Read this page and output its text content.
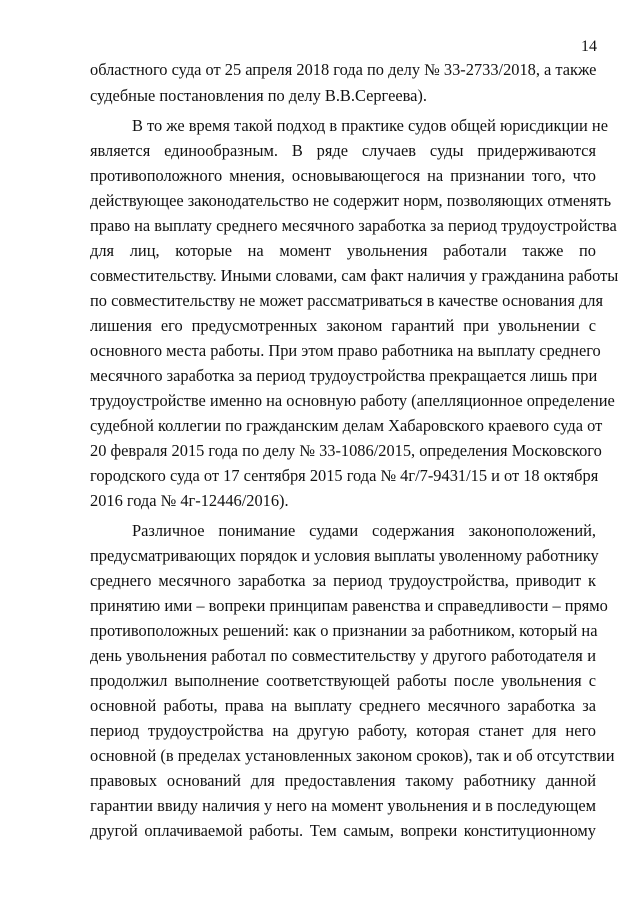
14
областного суда от 25 апреля 2018 года по делу № 33-2733/2018, а также
судебные постановления по делу В.В.Сергеева).
В то же время такой подход в практике судов общей юрисдикции не
является единообразным. В ряде случаев суды придерживаются
противоположного мнения, основывающегося на признании того, что
действующее законодательство не содержит норм, позволяющих отменять
право на выплату среднего месячного заработка за период трудоустройства
для лиц, которые на момент увольнения работали также по
совместительству. Иными словами, сам факт наличия у гражданина работы
по совместительству не может рассматриваться в качестве основания для
лишения его предусмотренных законом гарантий при увольнении с
основного места работы. При этом право работника на выплату среднего
месячного заработка за период трудоустройства прекращается лишь при
трудоустройстве именно на основную работу (апелляционное определение
судебной коллегии по гражданским делам Хабаровского краевого суда от
20 февраля 2015 года по делу № 33-1086/2015, определения Московского
городского суда от 17 сентября 2015 года № 4г/7-9431/15 и от 18 октября
2016 года № 4г-12446/2016).
Различное понимание судами содержания законоположений,
предусматривающих порядок и условия выплаты уволенному работнику
среднего месячного заработка за период трудоустройства, приводит к
принятию ими – вопреки принципам равенства и справедливости – прямо
противоположных решений: как о признании за работником, который на
день увольнения работал по совместительству у другого работодателя и
продолжил выполнение соответствующей работы после увольнения с
основной работы, права на выплату среднего месячного заработка за
период трудоустройства на другую работу, которая станет для него
основной (в пределах установленных законом сроков), так и об отсутствии
правовых оснований для предоставления такому работнику данной
гарантии ввиду наличия у него на момент увольнения и в последующем
другой оплачиваемой работы. Тем самым, вопреки конституционному
